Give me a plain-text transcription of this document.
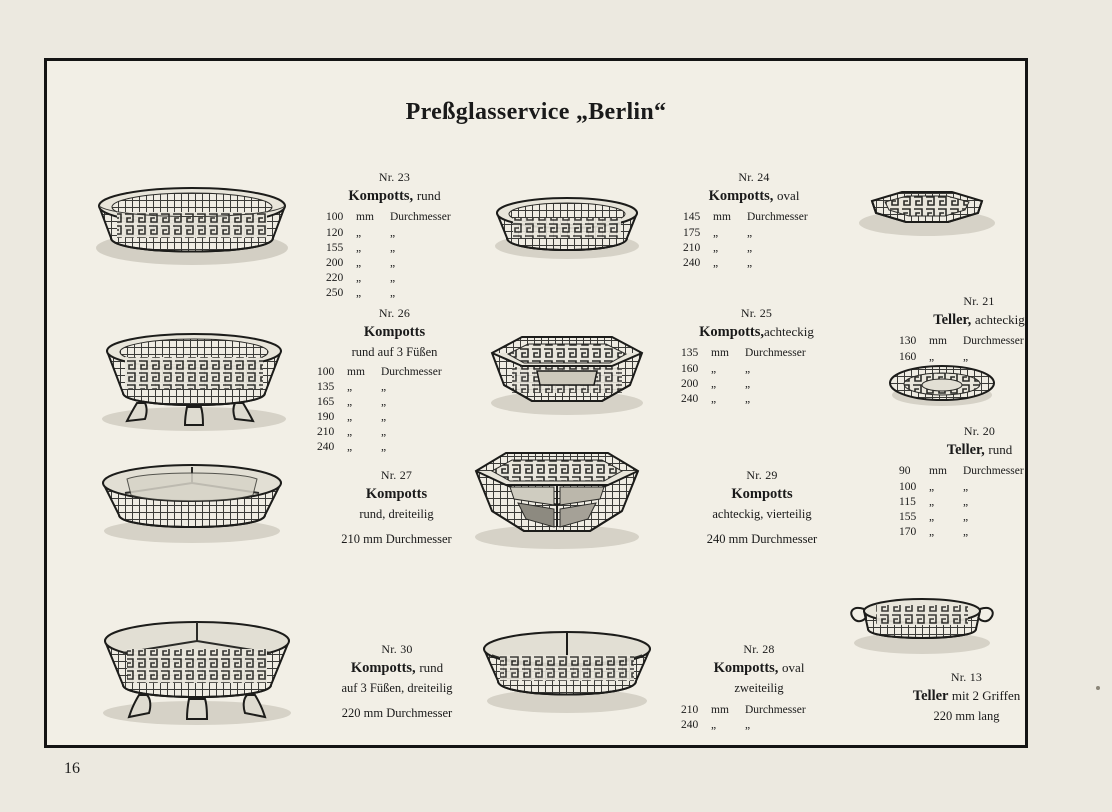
Preßglasservice „Berlin“
Nr. 23
Kompotts, rund
100 mm Durchmesser
120 „	„
155 „	„
200 „	„
220 „	„
250 „	„
Nr. 24
Kompotts, oval
145 mm Durchmesser
175 „	„
210 „	„
240 „	„
Nr. 21
Teller, achteckig
130 mm Durchmesser
160 „	„
Nr. 26
Kompotts
rund auf 3 Füßen
100 mm Durchmesser
135 „	„
165 „	„
190 „	„
210 „	„
240 „	„
Nr. 25
Kompotts,achteckig
135 mm Durchmesser
160 „	„
200 „	„
240 „	„
Nr. 20
Teller, rund
90 mm Durchmesser
100 „	„
115 „	„
155 „	„
170 „	„
Nr. 27
Kompotts
rund, dreiteilig
210 mm Durchmesser
Nr. 29
Kompotts
achteckig, vierteilig
240 mm Durchmesser
Nr. 30
Kompotts, rund
auf 3 Füßen, dreiteilig
220 mm Durchmesser
Nr. 28
Kompotts, oval
zweiteilig
210 mm Durchmesser
240 „	„
Nr. 13
Teller mit 2 Griffen
220 mm lang
16
